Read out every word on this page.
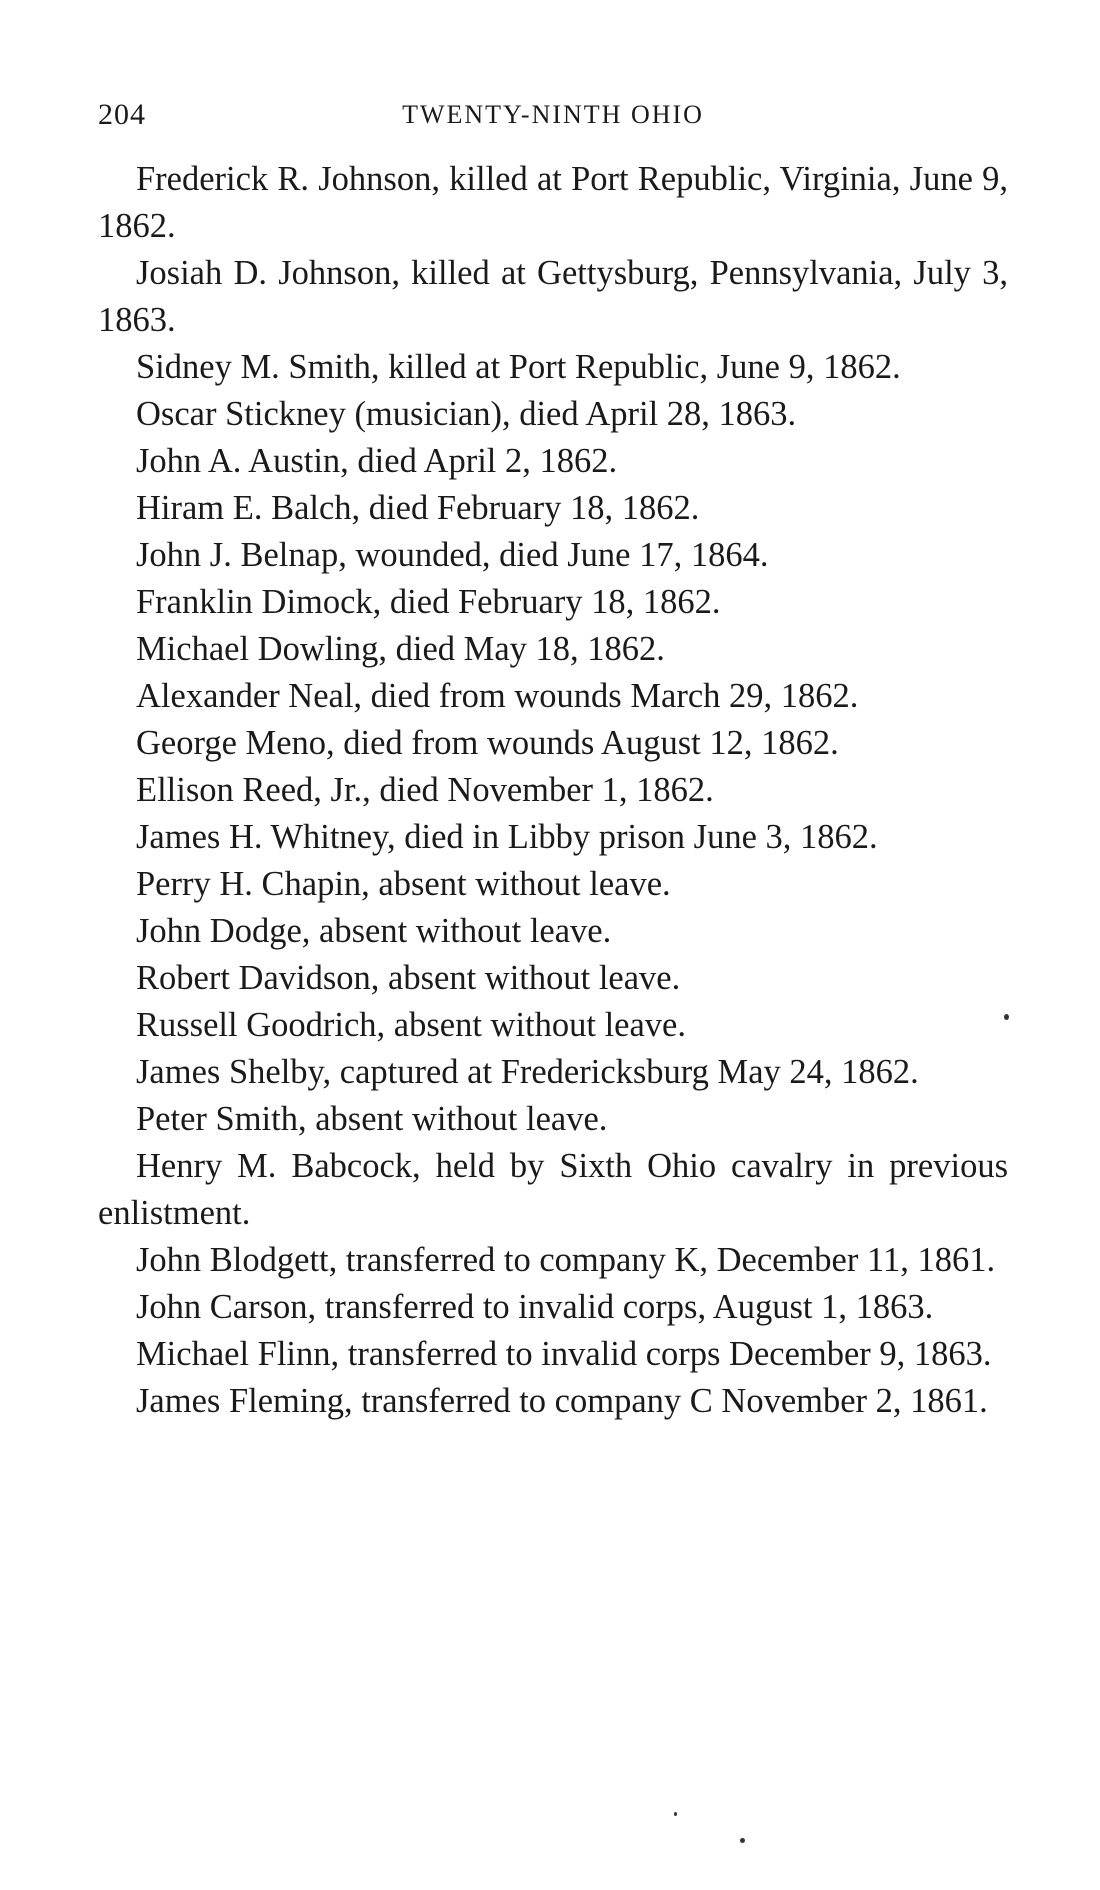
204	TWENTY-NINTH OHIO

Frederick R. Johnson, killed at Port Republic, Virginia, June 9, 1862.

Josiah D. Johnson, killed at Gettysburg, Pennsylvania, July 3, 1863.

Sidney M. Smith, killed at Port Republic, June 9, 1862.

Oscar Stickney (musician), died April 28, 1863.

John A. Austin, died April 2, 1862.

Hiram E. Balch, died February 18, 1862.

John J. Belnap, wounded, died June 17, 1864.

Franklin Dimock, died February 18, 1862.

Michael Dowling, died May 18, 1862.

Alexander Neal, died from wounds March 29, 1862.

George Meno, died from wounds August 12, 1862.

Ellison Reed, Jr., died November 1, 1862.

James H. Whitney, died in Libby prison June 3, 1862.

Perry H. Chapin, absent without leave.

John Dodge, absent without leave.

Robert Davidson, absent without leave.

Russell Goodrich, absent without leave.

James Shelby, captured at Fredericksburg May 24, 1862.

Peter Smith, absent without leave.

Henry M. Babcock, held by Sixth Ohio cavalry in previous enlistment.

John Blodgett, transferred to company K, December 11, 1861.

John Carson, transferred to invalid corps, August 1, 1863.

Michael Flinn, transferred to invalid corps December 9, 1863.

James Fleming, transferred to company C November 2, 1861.
